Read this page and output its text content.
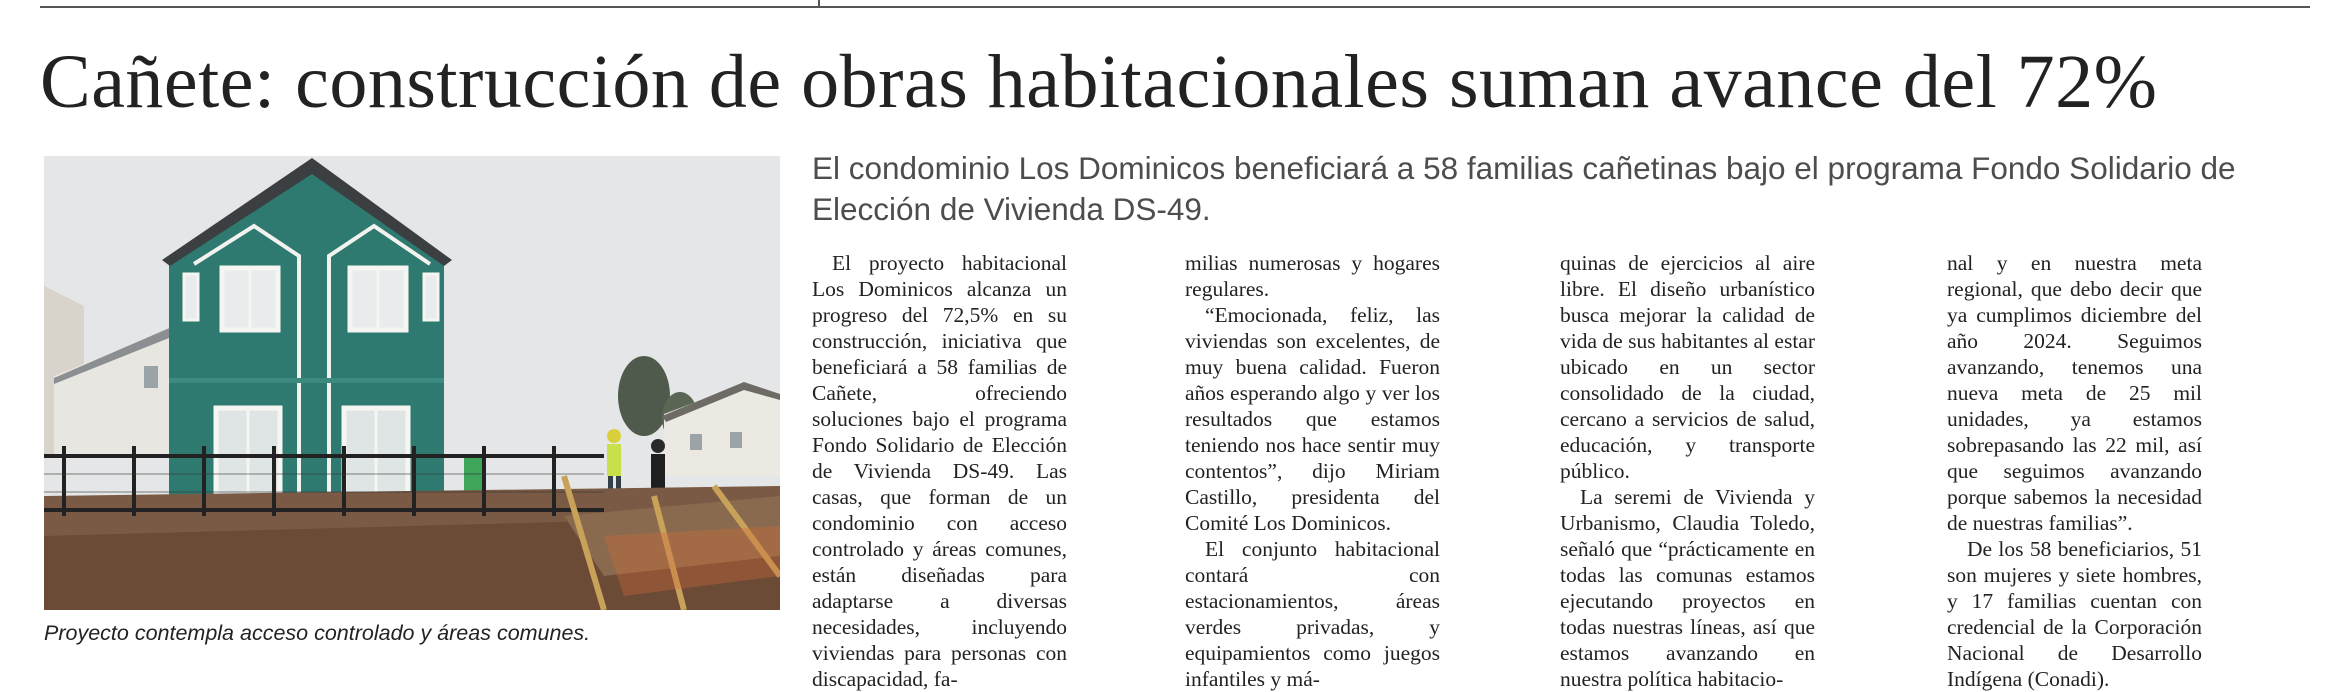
Cañete: construcción de obras habitacionales suman avance del 72%
Proyecto contempla acceso controlado y áreas comunes.
El condominio Los Dominicos beneficiará a 58 familias cañetinas bajo el programa Fondo Solidario de Elección de Vivienda DS-49.

El proyecto habitacional Los Dominicos alcanza un progreso del 72,5% en su construcción, iniciativa que beneficiará a 58 familias de Cañete, ofreciendo soluciones bajo el programa Fondo Solidario de Elección de Vivienda DS-49. Las casas, que forman de un condominio con acceso controlado y áreas comunes, están diseñadas para adaptarse a diversas necesidades, incluyendo viviendas para personas con discapacidad, fa-

milias numerosas y hogares regulares.

“Emocionada, feliz, las viviendas son excelentes, de muy buena calidad. Fueron años esperando algo y ver los resultados que estamos teniendo nos hace sentir muy contentos”, dijo Miriam Castillo, presidenta del Comité Los Dominicos.

El conjunto habitacional contará con estacionamientos, áreas verdes privadas, y equipamientos como juegos infantiles y má-

quinas de ejercicios al aire libre. El diseño urbanístico busca mejorar la calidad de vida de sus habitantes al estar ubicado en un sector consolidado de la ciudad, cercano a servicios de salud, educación, y transporte público.

La seremi de Vivienda y Urbanismo, Claudia Toledo, señaló que “prácticamente en todas las comunas estamos ejecutando proyectos en todas nuestras líneas, así que estamos avanzando en nuestra política habitacio-

nal y en nuestra meta regional, que debo decir que ya cumplimos diciembre del año 2024. Seguimos avanzando, tenemos una nueva meta de 25 mil unidades, ya estamos sobrepasando las 22 mil, así que seguimos avanzando porque sabemos la necesidad de nuestras familias”.

De los 58 beneficiarios, 51 son mujeres y siete hombres, y 17 familias cuentan con credencial de la Corporación Nacional de Desarrollo Indígena (Conadi).
